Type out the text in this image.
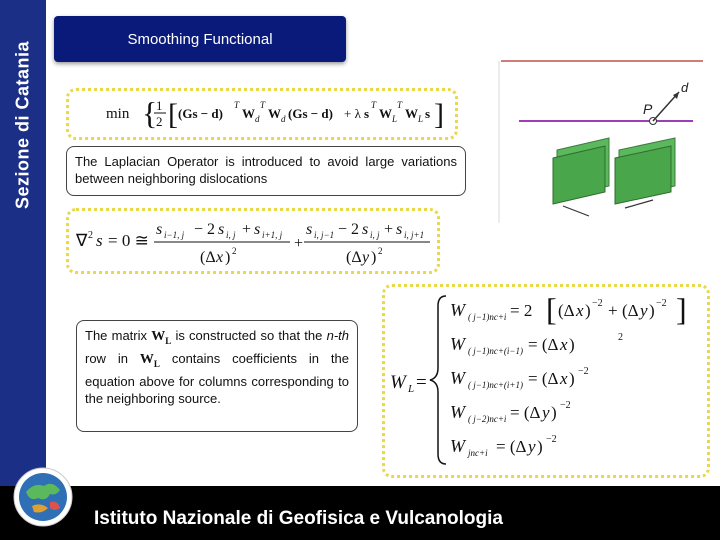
Sezione di Catania
Smoothing Functional
min {
1
2 [ (Gs − d)
T
W d
T
W d (Gs − d) + λ s
T
W L
T
W L s ]
The Laplacian Operator is introduced to avoid large variations between neighboring dislocations
∇ 2 s = 0 ≅
s i−1, j − 2 s i, j + s i+1, j
(Δ x ) 2	+
s i, j−1 − 2 s i, j + s i, j+1
(Δ y ) 2
The matrix $W_L$ is constructed so that the n-th row in $W_L$ contains coefficients in the equation above for columns corresponding to the neighboring source.
W L =
W ( j−1)nc+i = 2 [ (Δ x ) −2 + (Δ y ) −2 ]
W ( j−1)nc+(i−1) = (Δ x )	2
W ( j−1)nc+(i+1) = (Δ x ) −2
W ( j−2)nc+i = (Δ y ) −2
W jnc+i = (Δ y ) −2
d
P
Istituto Nazionale di Geofisica e Vulcanologia
